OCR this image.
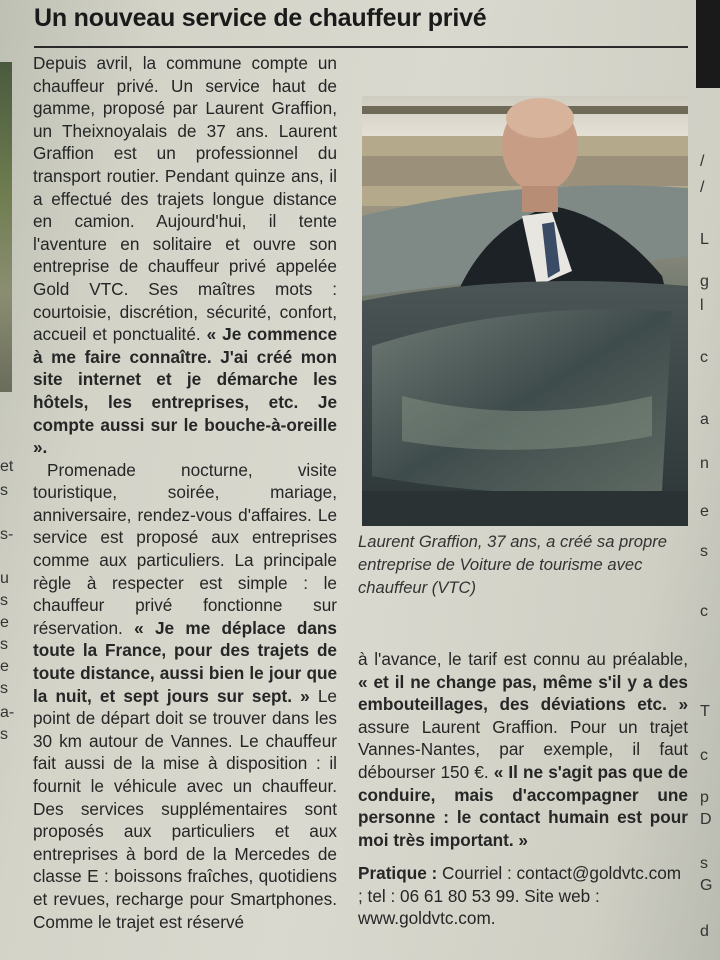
et
s
s-
u
s
e
s
e
s
a-
s
/
/
L
g
l
c
a
n
e
s
c
T
c
p
D
s
G
d
Un nouveau service de chauffeur privé

Depuis avril, la commune compte un chauffeur privé. Un service haut de gamme, proposé par Laurent Graffion, un Theixnoyalais de 37 ans. Laurent Graffion est un professionnel du transport routier. Pendant quinze ans, il a effectué des trajets longue distance en camion. Aujourd'hui, il tente l'aventure en solitaire et ouvre son entreprise de chauffeur privé appelée Gold VTC. Ses maîtres mots : courtoisie, discrétion, sécurité, confort, accueil et ponctualité. « Je commence à me faire connaître. J'ai créé mon site internet et je démarche les hôtels, les entreprises, etc. Je compte aussi sur le bouche-à-oreille ».

Promenade nocturne, visite touristique, soirée, mariage, anniversaire, rendez-vous d'affaires. Le service est proposé aux entreprises comme aux particuliers. La principale règle à respecter est simple : le chauffeur privé fonctionne sur réservation. « Je me déplace dans toute la France, pour des trajets de toute distance, aussi bien le jour que la nuit, et sept jours sur sept. » Le point de départ doit se trouver dans les 30 km autour de Vannes. Le chauffeur fait aussi de la mise à disposition : il fournit le véhicule avec un chauffeur. Des services supplémentaires sont proposés aux particuliers et aux entreprises à bord de la Mercedes de classe E : boissons fraîches, quotidiens et revues, recharge pour Smartphones. Comme le trajet est réservé

Laurent Graffion, 37 ans, a créé sa propre entreprise de Voiture de tourisme avec chauffeur (VTC)

à l'avance, le tarif est connu au préalable, « et il ne change pas, même s'il y a des embouteillages, des déviations etc. » assure Laurent Graffion. Pour un trajet Vannes-Nantes, par exemple, il faut débourser 150 €. « Il ne s'agit pas que de conduire, mais d'accompagner une personne : le contact humain est pour moi très important. »

Pratique : Courriel : contact@goldvtc.com ; tel : 06 61 80 53 99. Site web : www.goldvtc.com.
